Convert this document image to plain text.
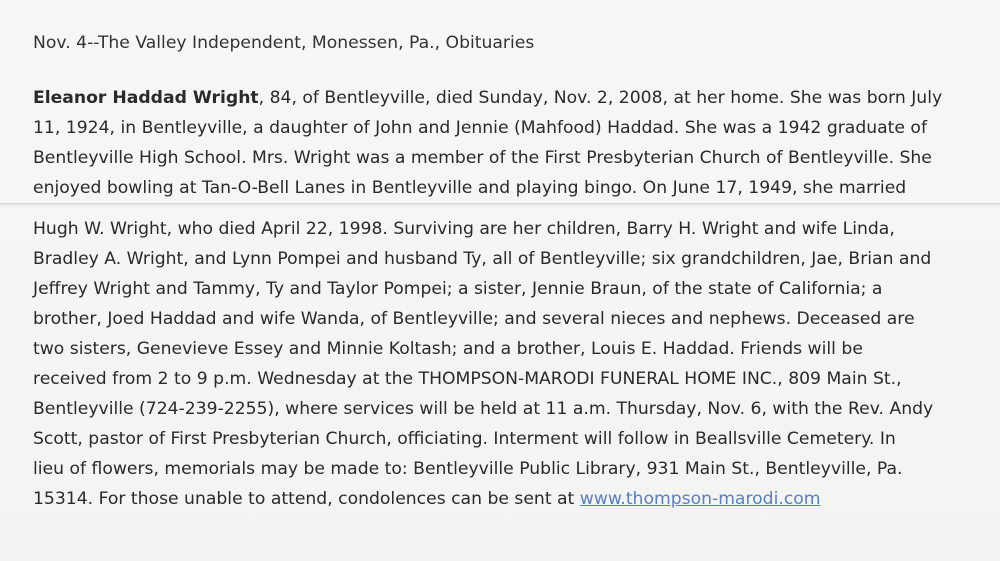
Nov. 4--The Valley Independent, Monessen, Pa., Obituaries
Eleanor Haddad Wright, 84, of Bentleyville, died Sunday, Nov. 2, 2008, at her home. She was born July
11, 1924, in Bentleyville, a daughter of John and Jennie (Mahfood) Haddad. She was a 1942 graduate of
Bentleyville High School. Mrs. Wright was a member of the First Presbyterian Church of Bentleyville. She
enjoyed bowling at Tan-O-Bell Lanes in Bentleyville and playing bingo. On June 17, 1949, she married
Hugh W. Wright, who died April 22, 1998. Surviving are her children, Barry H. Wright and wife Linda,
Bradley A. Wright, and Lynn Pompei and husband Ty, all of Bentleyville; six grandchildren, Jae, Brian and
Jeffrey Wright and Tammy, Ty and Taylor Pompei; a sister, Jennie Braun, of the state of California; a
brother, Joed Haddad and wife Wanda, of Bentleyville; and several nieces and nephews. Deceased are
two sisters, Genevieve Essey and Minnie Koltash; and a brother, Louis E. Haddad. Friends will be
received from 2 to 9 p.m. Wednesday at the THOMPSON-MARODI FUNERAL HOME INC., 809 Main St.,
Bentleyville (724-239-2255), where services will be held at 11 a.m. Thursday, Nov. 6, with the Rev. Andy
Scott, pastor of First Presbyterian Church, officiating. Interment will follow in Beallsville Cemetery. In
lieu of flowers, memorials may be made to: Bentleyville Public Library, 931 Main St., Bentleyville, Pa.
15314. For those unable to attend, condolences can be sent at www.thompson-marodi.com
